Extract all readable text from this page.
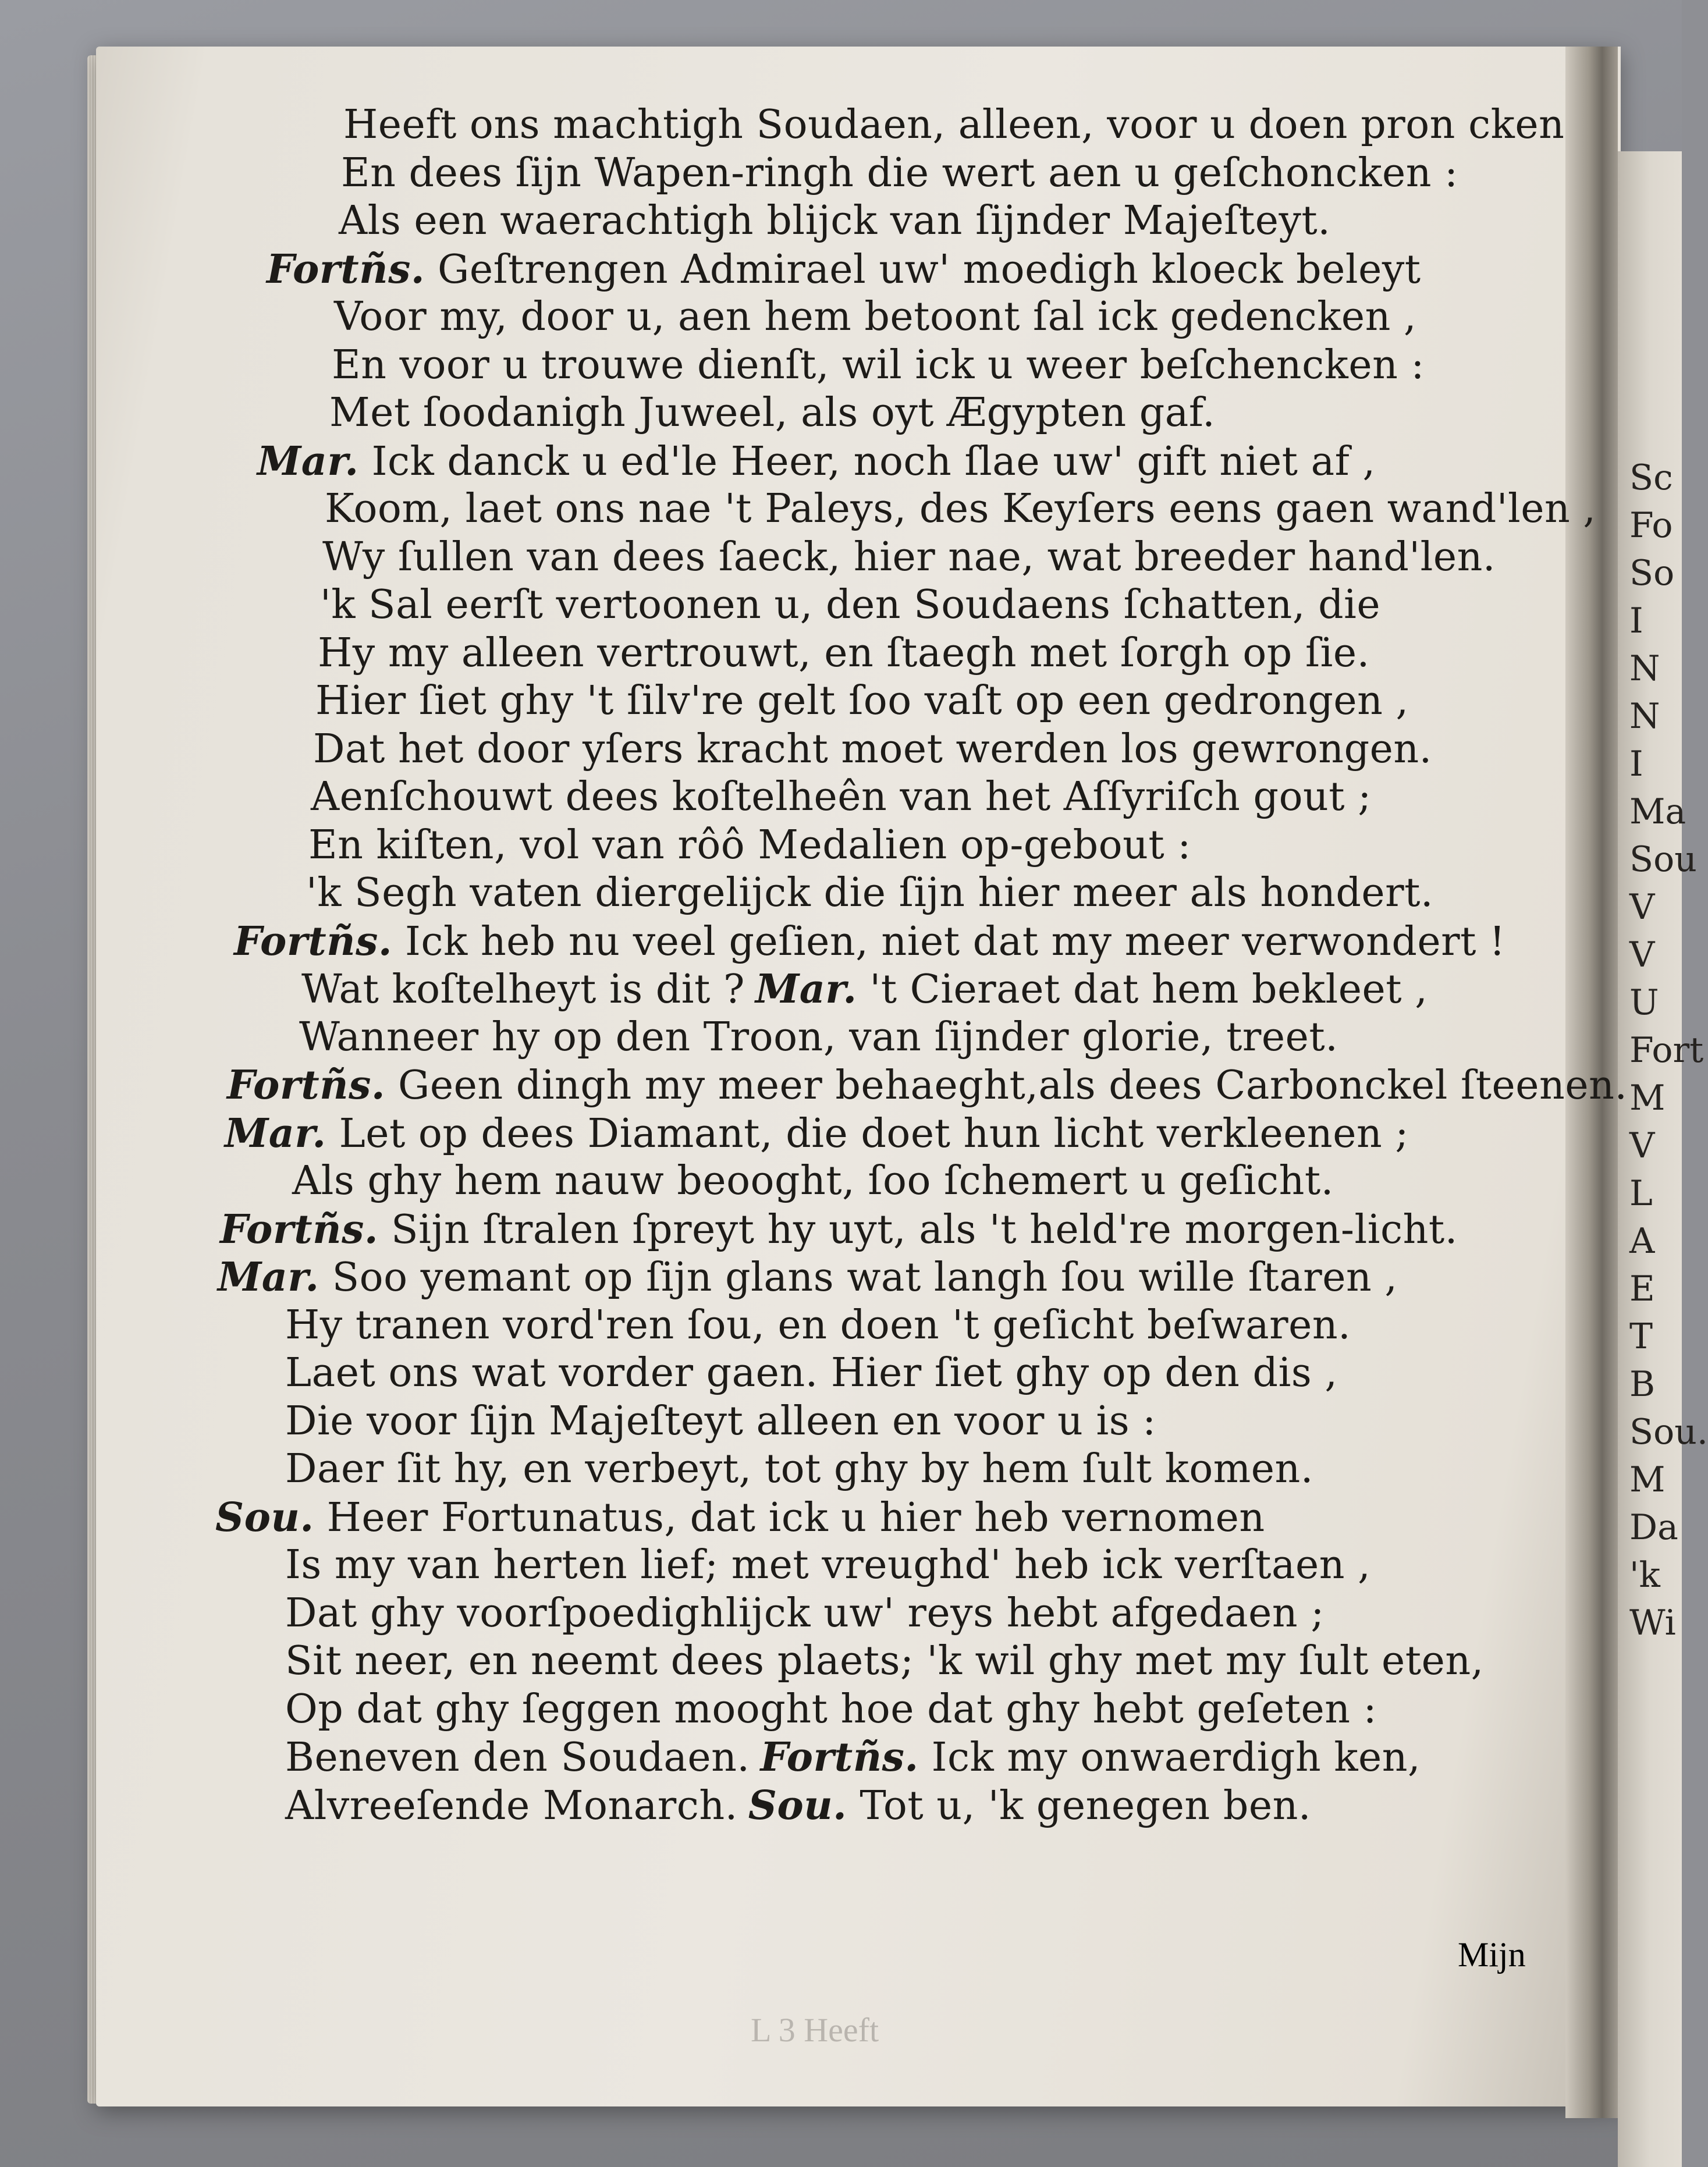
Heeft ons machtigh Soudaen, alleen, voor u doen pron cken
En dees ſijn Wapen-ringh die wert aen u geſchoncken :
Als een waerachtigh blijck van ſijnder Majeſteyt.
Fortñs. Geſtrengen Admirael uw' moedigh kloeck beleyt
Voor my, door u, aen hem betoont ſal ick gedencken ,
En voor u trouwe dienſt, wil ick u weer beſchencken :
Met ſoodanigh Juweel, als oyt Ægypten gaf.
Mar. Ick danck u ed'le Heer, noch ſlae uw' gift niet af ,
Koom, laet ons nae 't Paleys, des Keyſers eens gaen wand'len ,
Wy ſullen van dees ſaeck, hier nae, wat breeder hand'len.
'k Sal eerſt vertoonen u, den Soudaens ſchatten, die
Hy my alleen vertrouwt, en ſtaegh met ſorgh op ſie.
Hier ſiet ghy 't ſilv're gelt ſoo vaſt op een gedrongen ,
Dat het door yſers kracht moet werden los gewrongen.
Aenſchouwt dees koſtelheên van het Aſſyriſch gout ;
En kiſten, vol van rôô Medalien op-gebout :
'k Segh vaten diergelijck die ſijn hier meer als hondert.
Fortñs. Ick heb nu veel geſien, niet dat my meer verwondert !
Wat koſtelheyt is dit ? Mar. 't Cieraet dat hem bekleet ,
Wanneer hy op den Troon, van ſijnder glorie, treet.
Fortñs. Geen dingh my meer behaeght,als dees Carbonckel ſteenen.
Mar. Let op dees Diamant, die doet hun licht verkleenen ;
Als ghy hem nauw beooght, ſoo ſchemert u geſicht.
Fortñs. Sijn ſtralen ſpreyt hy uyt, als 't held're morgen-licht.
Mar. Soo yemant op ſijn glans wat langh ſou wille ſtaren ,
Hy tranen vord'ren ſou, en doen 't geſicht beſwaren.
Laet ons wat vorder gaen. Hier ſiet ghy op den dis ,
Die voor ſijn Majeſteyt alleen en voor u is :
Daer ſit hy, en verbeyt, tot ghy by hem ſult komen.
Sou. Heer Fortunatus, dat ick u hier heb vernomen
Is my van herten lief; met vreughd' heb ick verſtaen ,
Dat ghy voorſpoedighlijck uw' reys hebt afgedaen ;
Sit neer, en neemt dees plaets; 'k wil ghy met my ſult eten,
Op dat ghy ſeggen mooght hoe dat ghy hebt geſeten :
Beneven den Soudaen. Fortñs. Ick my onwaerdigh ken,
Alvreeſende Monarch. Sou. Tot u, 'k genegen ben.
Mijn
L 3 Heeft
Sc
Fo
So
I
N
N
I
Ma
Sou
V
V
U
Fort
M
V
L
A
E
T
B
Sou.
M
Da
'k
Wi
